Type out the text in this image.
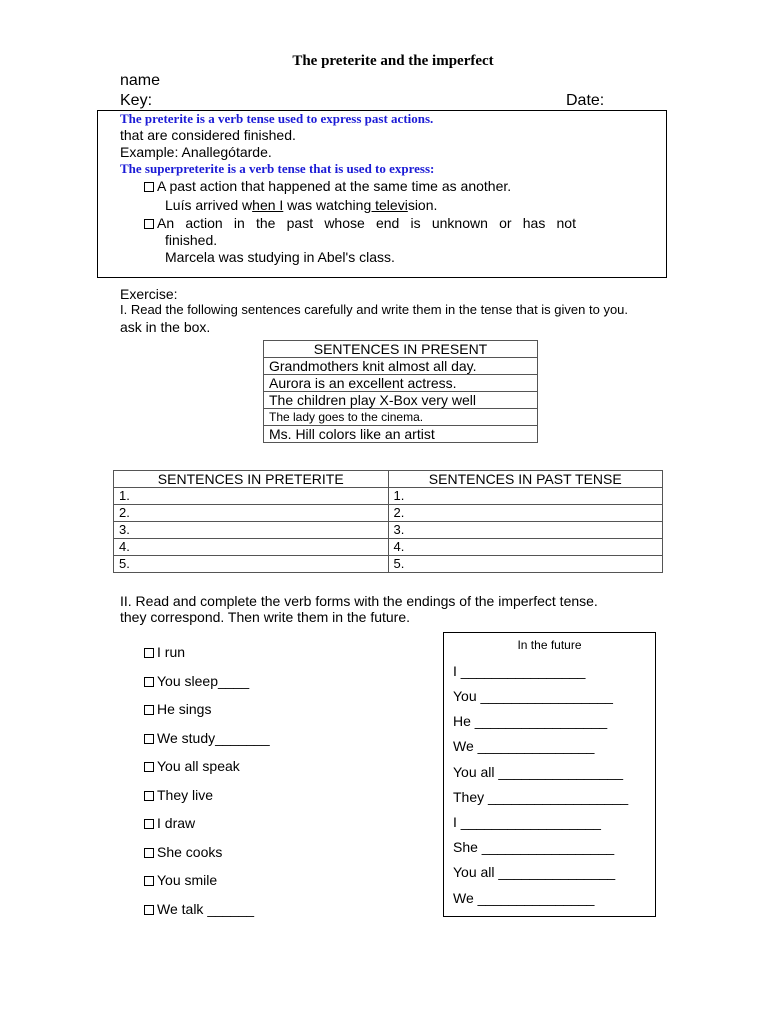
The preterite and the imperfect
name
Key:	Date:
The preterite is a verb tense used to express past actions.
that are considered finished.
Example: Anallegótarde.
The superpreterite is a verb tense that is used to express:
A past action that happened at the same time as another.
Luís arrived when I was watching television.
An action in the past whose end is unknown or has not
finished.
Marcela was studying in Abel's class.
Exercise:
I. Read the following sentences carefully and write them in the tense that is given to you.
ask in the box.
SENTENCES IN PRESENT
Grandmothers knit almost all day.
Aurora is an excellent actress.
The children play X-Box very well
The lady goes to the cinema.
Ms. Hill colors like an artist
SENTENCES IN PRETERITE	SENTENCES IN PAST TENSE
1.	1.
2.	2.
3.	3.
4.	4.
5.	5.
II. Read and complete the verb forms with the endings of the imperfect tense.
they correspond. Then write them in the future.
I run
You sleep____
He sings
We study_______
You all speak
They live
I draw
She cooks
You smile
We talk ______
In the future
I ________________
You _________________
He _________________
We _______________
You all ________________
They __________________
I __________________
She _________________
You all _______________
We _______________
